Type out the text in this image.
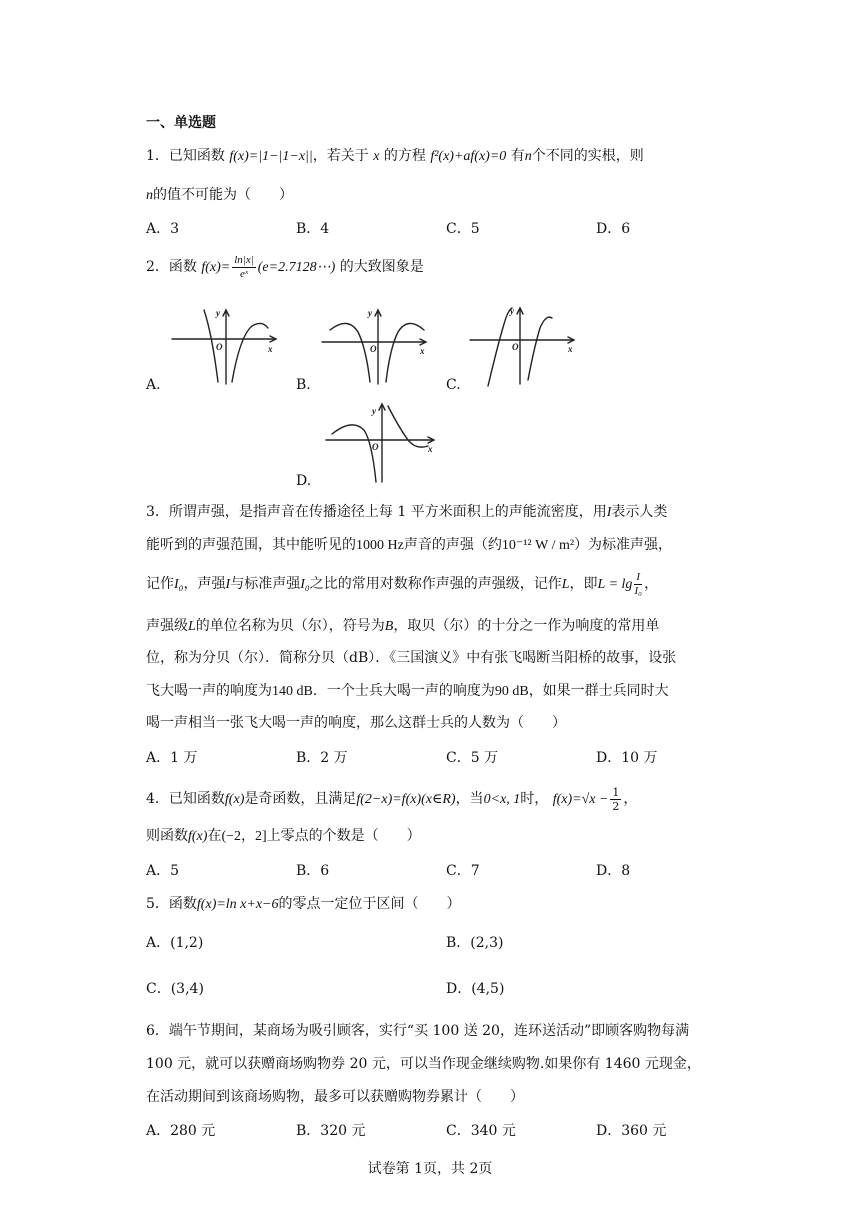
一、单选题
1．已知函数 f(x)=|1−|1−x||，若关于 x 的方程 f²(x)+af(x)=0 有n个不同的实根，则
n的值不可能为（　　）
A．3	B．4	C．5	D．6
2．函数 $f(x)= \frac{\ln|x|}{\text{eˣ}}$ (e=2.7128⋯) 的大致图象是
A.
y
x
O
B.
y
x
O
C.
y
x
O
D.
y
x
O
3．所谓声强，是指声音在传播途径上每 1 平方米面积上的声能流密度，用I表示人类
能听到的声强范围，其中能听见的1000 Hz声音的声强（约10⁻¹² W / m²）为标准声强，
记作I₀，声强I与标准声强I₀之比的常用对数称作声强的声强级，记作L，即$L = \lg \frac{I}{\text{I₀}}$ ，
声强级L的单位名称为贝（尔），符号为B，取贝（尔）的十分之一作为响度的常用单
位，称为分贝（尔）．简称分贝（dB）．《三国演义》中有张飞喝断当阳桥的故事，设张
飞大喝一声的响度为140 dB．一个士兵大喝一声的响度为90 dB，如果一群士兵同时大
喝一声相当一张飞大喝一声的响度，那么这群士兵的人数为（　　）
A．1 万	B．2 万	C．5 万	D．10 万
4．已知函数f(x)是奇函数，且满足f(2−x)=f(x)(x∈R)，当0<x, 1时， $f(x)=√x - \frac{1}{2}$ ，
则函数f(x)在(−2，2]上零点的个数是（　　）
A．5	B．6	C．7	D．8
5．函数f(x)=ln x+x−6的零点一定位于区间（　　）
A．(1,2)	B．(2,3)
C．(3,4)	D．(4,5)
6．端午节期间，某商场为吸引顾客，实行“买 100 送 20，连环送活动”即顾客购物每满
100 元，就可以获赠商场购物券 20 元，可以当作现金继续购物.如果你有 1460 元现金，
在活动期间到该商场购物，最多可以获赠购物券累计（　　）
A．280 元	B．320 元	C．340 元	D．360 元
试卷第 1页，共 2页
